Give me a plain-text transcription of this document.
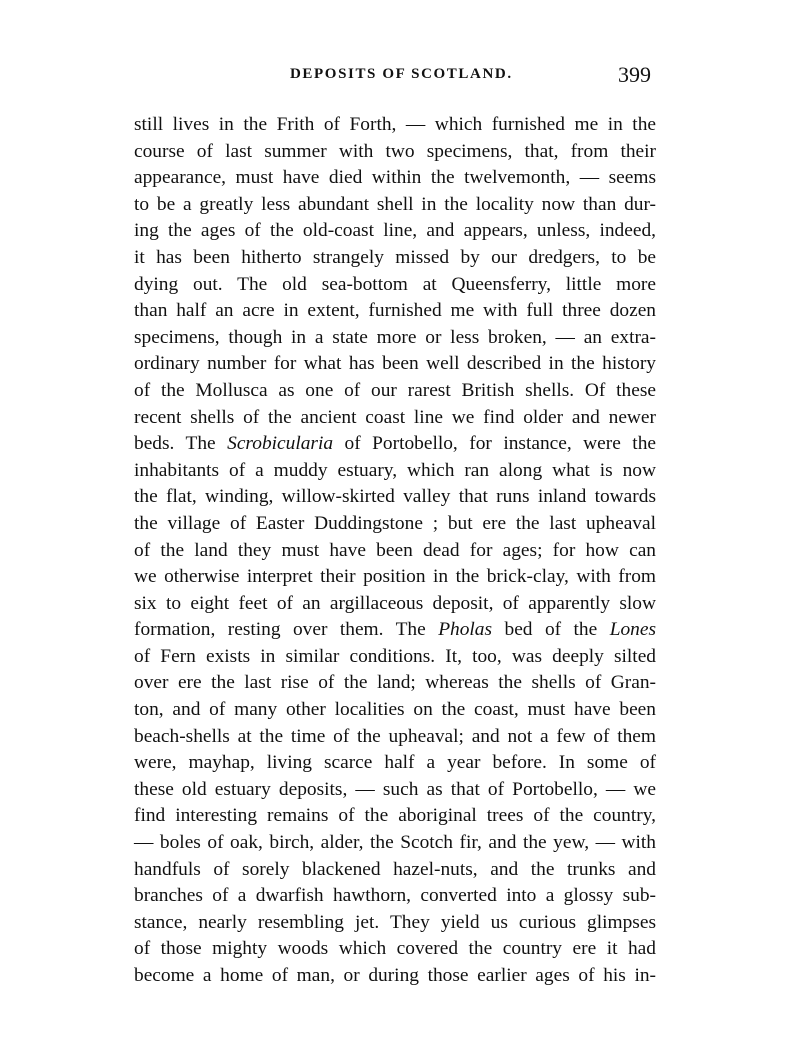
DEPOSITS OF SCOTLAND.	399
still lives in the Frith of Forth, — which furnished me in the
course of last summer with two specimens, that, from their
appearance, must have died within the twelvemonth, — seems
to be a greatly less abundant shell in the locality now than dur-
ing the ages of the old-coast line, and appears, unless, indeed,
it has been hitherto strangely missed by our dredgers, to be
dying out. The old sea-bottom at Queensferry, little more
than half an acre in extent, furnished me with full three dozen
specimens, though in a state more or less broken, — an extra-
ordinary number for what has been well described in the history
of the Mollusca as one of our rarest British shells. Of these
recent shells of the ancient coast line we find older and newer
beds. The Scrobicularia of Portobello, for instance, were the
inhabitants of a muddy estuary, which ran along what is now
the flat, winding, willow-skirted valley that runs inland towards
the village of Easter Duddingstone ; but ere the last upheaval
of the land they must have been dead for ages; for how can
we otherwise interpret their position in the brick-clay, with from
six to eight feet of an argillaceous deposit, of apparently slow
formation, resting over them. The Pholas bed of the Lones
of Fern exists in similar conditions. It, too, was deeply silted
over ere the last rise of the land; whereas the shells of Gran-
ton, and of many other localities on the coast, must have been
beach-shells at the time of the upheaval; and not a few of them
were, mayhap, living scarce half a year before. In some of
these old estuary deposits, — such as that of Portobello, — we
find interesting remains of the aboriginal trees of the country,
— boles of oak, birch, alder, the Scotch fir, and the yew, — with
handfuls of sorely blackened hazel-nuts, and the trunks and
branches of a dwarfish hawthorn, converted into a glossy sub-
stance, nearly resembling jet. They yield us curious glimpses
of those mighty woods which covered the country ere it had
become a home of man, or during those earlier ages of his in-
